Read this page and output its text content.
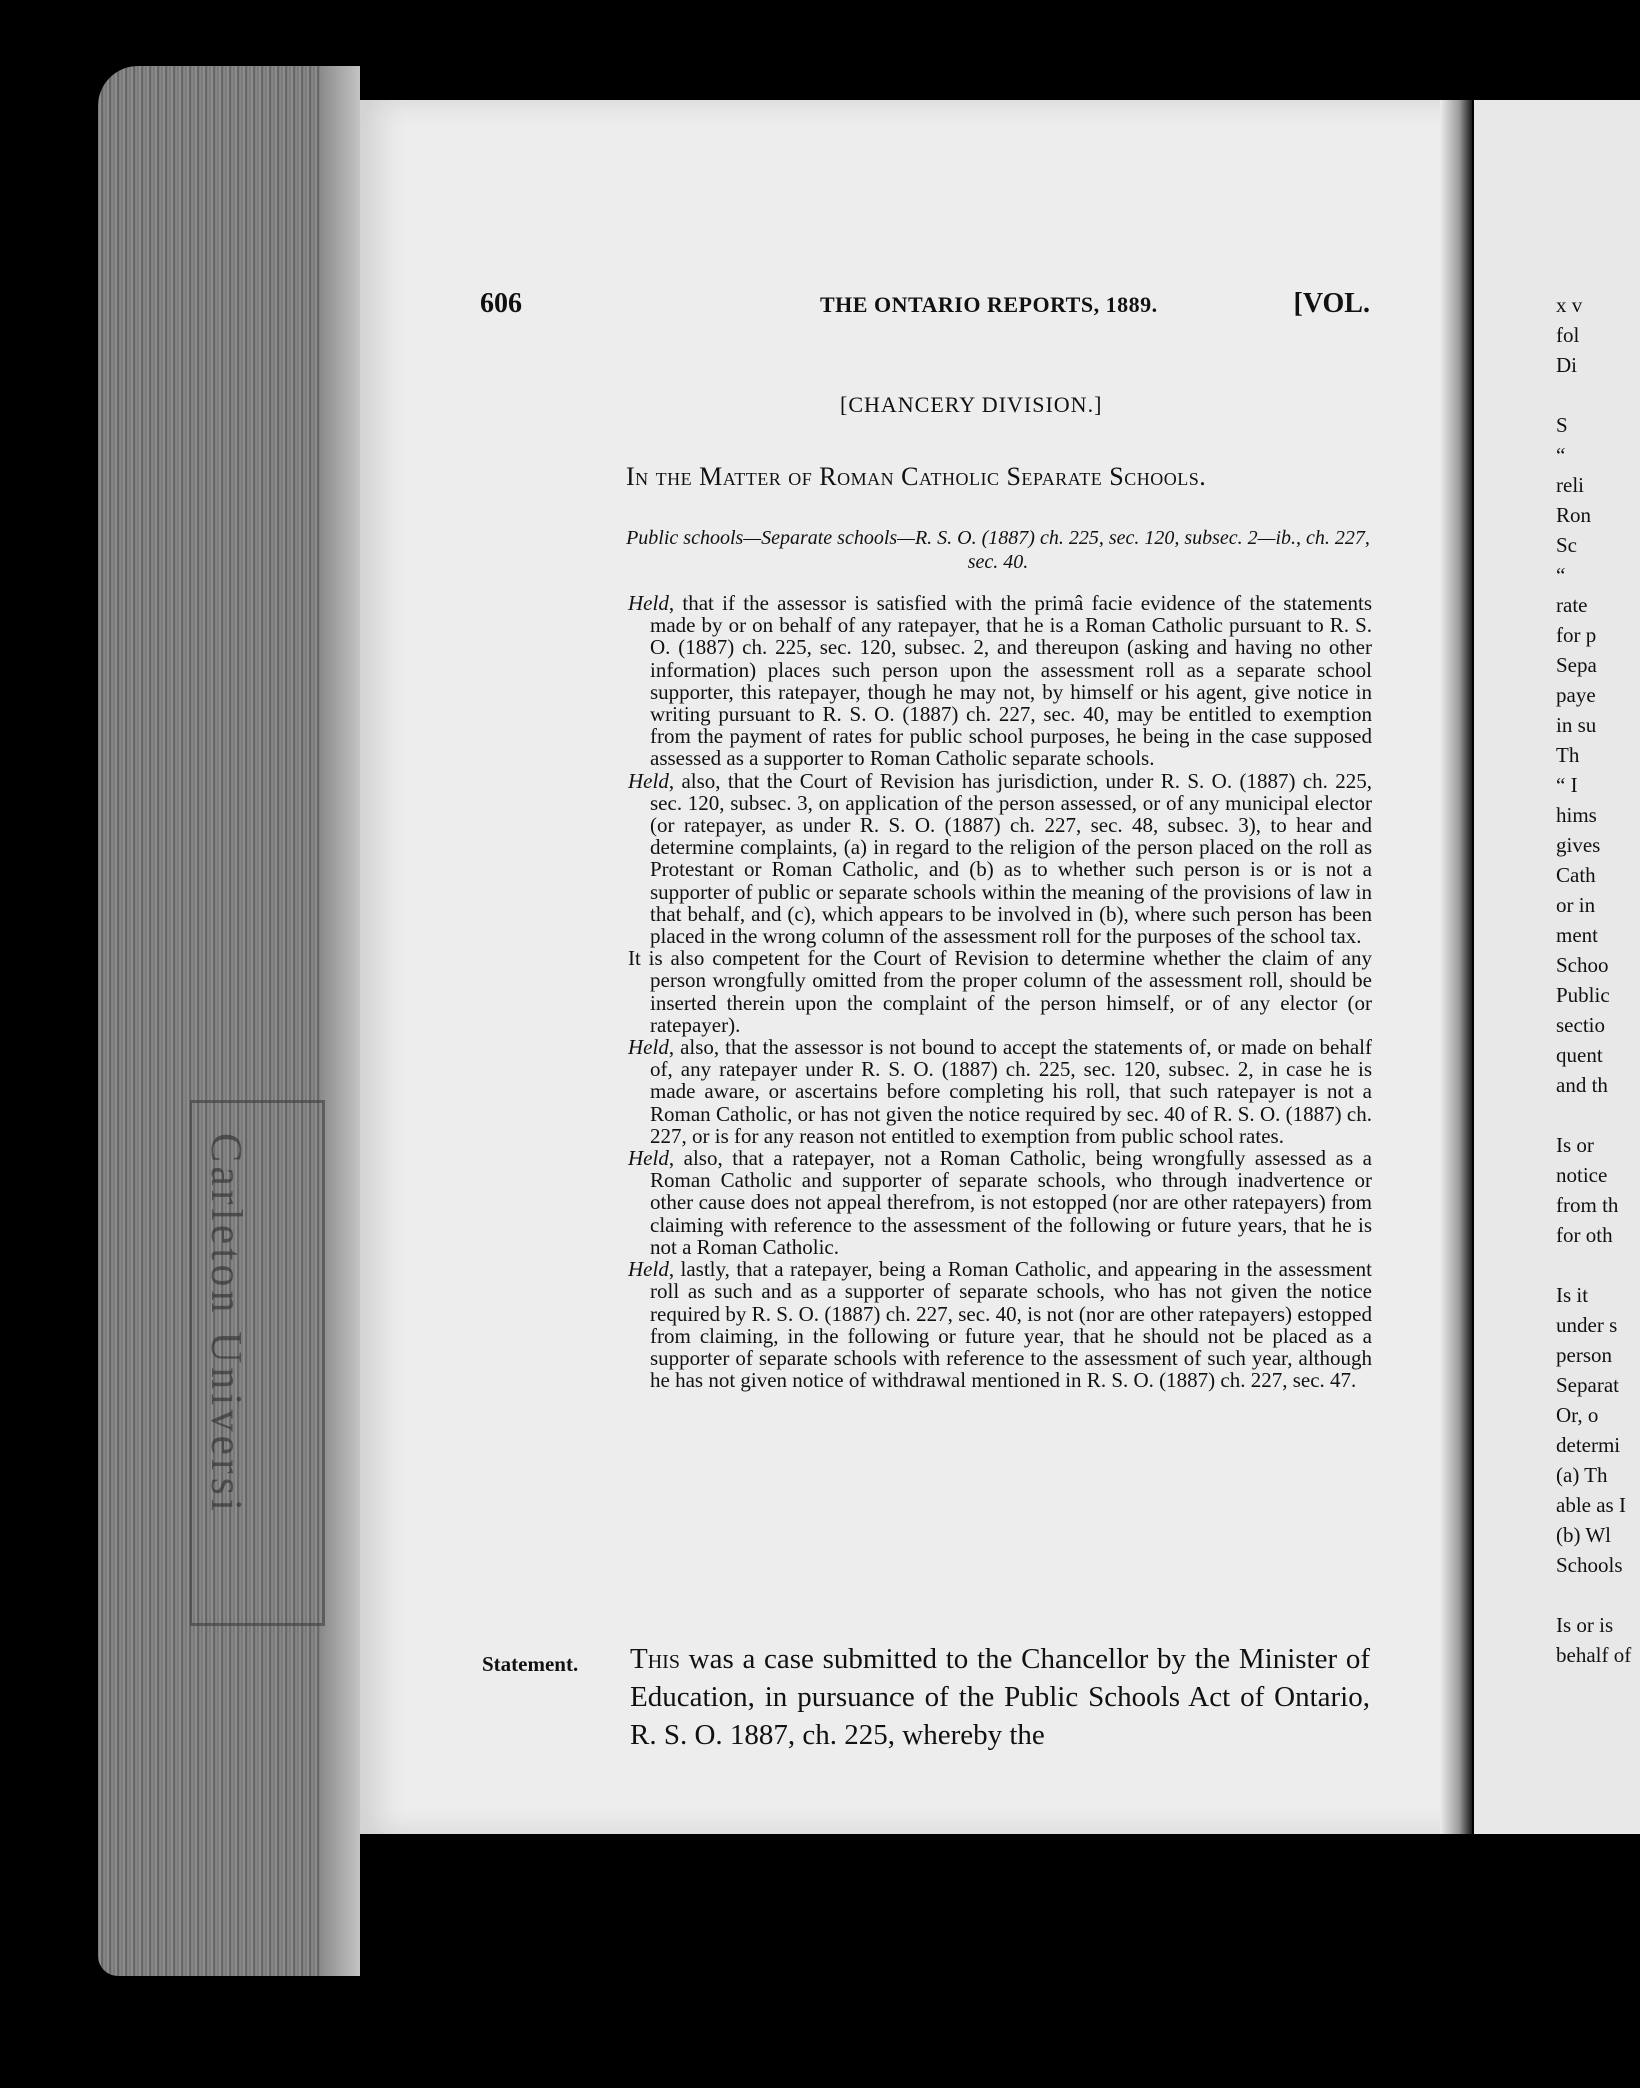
Carleton Universi
606	THE ONTARIO REPORTS, 1889.	[VOL.
[CHANCERY DIVISION.]
In the Matter of Roman Catholic Separate Schools.
Public schools—Separate schools—R. S. O. (1887) ch. 225, sec. 120, subsec. 2—ib., ch. 227, sec. 40.

Held, that if the assessor is satisfied with the primâ facie evidence of the statements made by or on behalf of any ratepayer, that he is a Roman Catholic pursuant to R. S. O. (1887) ch. 225, sec. 120, subsec. 2, and thereupon (asking and having no other information) places such person upon the assessment roll as a separate school supporter, this ratepayer, though he may not, by himself or his agent, give notice in writing pursuant to R. S. O. (1887) ch. 227, sec. 40, may be entitled to exemption from the payment of rates for public school purposes, he being in the case supposed assessed as a supporter to Roman Catholic separate schools.

Held, also, that the Court of Revision has jurisdiction, under R. S. O. (1887) ch. 225, sec. 120, subsec. 3, on application of the person assessed, or of any municipal elector (or ratepayer, as under R. S. O. (1887) ch. 227, sec. 48, subsec. 3), to hear and determine complaints, (a) in regard to the religion of the person placed on the roll as Protestant or Roman Catholic, and (b) as to whether such person is or is not a supporter of public or separate schools within the meaning of the provisions of law in that behalf, and (c), which appears to be involved in (b), where such person has been placed in the wrong column of the assessment roll for the purposes of the school tax.

It is also competent for the Court of Revision to determine whether the claim of any person wrongfully omitted from the proper column of the assessment roll, should be inserted therein upon the complaint of the person himself, or of any elector (or ratepayer).

Held, also, that the assessor is not bound to accept the statements of, or made on behalf of, any ratepayer under R. S. O. (1887) ch. 225, sec. 120, subsec. 2, in case he is made aware, or ascertains before completing his roll, that such ratepayer is not a Roman Catholic, or has not given the notice required by sec. 40 of R. S. O. (1887) ch. 227, or is for any reason not entitled to exemption from public school rates.

Held, also, that a ratepayer, not a Roman Catholic, being wrongfully assessed as a Roman Catholic and supporter of separate schools, who through inadvertence or other cause does not appeal therefrom, is not estopped (nor are other ratepayers) from claiming with reference to the assessment of the following or future years, that he is not a Roman Catholic.

Held, lastly, that a ratepayer, being a Roman Catholic, and appearing in the assessment roll as such and as a supporter of separate schools, who has not given the notice required by R. S. O. (1887) ch. 227, sec. 40, is not (nor are other ratepayers) estopped from claiming, in the following or future year, that he should not be placed as a supporter of separate schools with reference to the assessment of such year, although he has not given notice of withdrawal mentioned in R. S. O. (1887) ch. 227, sec. 47.

Statement. This was a case submitted to the Chancellor by the Minister of Education, in pursuance of the Public Schools Act of Ontario, R. S. O. 1887, ch. 225, whereby the
x v
fol
Di

S
“
reli
Ron
Sc
“
rate
for p
Sepa
paye
in su
Th
“ I
hims
gives
Cath
or in
ment
Schoo
Public
sectio
quent
and th

Is or
notice
from th
for oth

Is it
under s
person
Separat
Or, o
determi
(a) Th
able as I
(b) Wl
Schools

Is or is
behalf of
